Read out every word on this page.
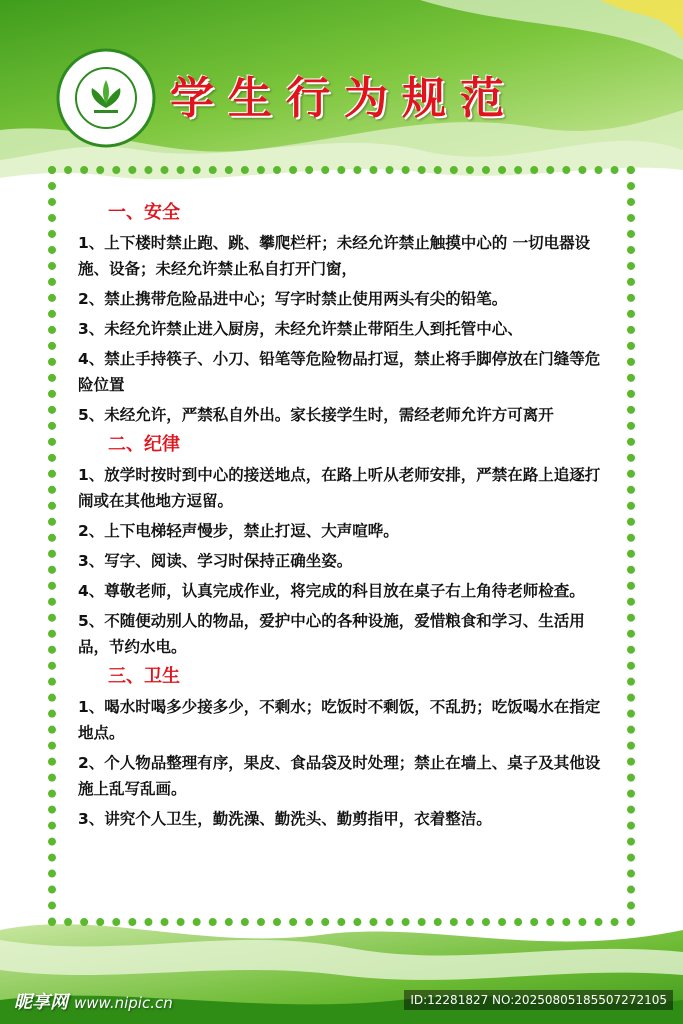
学生行为规范
一、安全
1、上下楼时禁止跑、跳、攀爬栏杆；未经允许禁止触摸中心的 一切电器设施、设备；未经允许禁止私自打开门窗，
2、禁止携带危险品进中心；写字时禁止使用两头有尖的铅笔。
3、未经允许禁止进入厨房，未经允许禁止带陌生人到托管中心、
4、禁止手持筷子、小刀、铅笔等危险物品打逗，禁止将手脚停放在门缝等危险位置
5、未经允许，严禁私自外出。家长接学生时，需经老师允许方可离开
二、纪律
1、放学时按时到中心的接送地点，在路上听从老师安排，严禁在路上追逐打闹或在其他地方逗留。
2、上下电梯轻声慢步，禁止打逗、大声喧哗。
3、写字、阅读、学习时保持正确坐姿。
4、尊敬老师，认真完成作业，将完成的科目放在桌子右上角待老师检查。
5、不随便动别人的物品，爱护中心的各种设施，爱惜粮食和学习、生活用品，节约水电。
三、卫生
1、喝水时喝多少接多少，不剩水；吃饭时不剩饭，不乱扔；吃饭喝水在指定地点。
2、个人物品整理有序，果皮、食品袋及时处理；禁止在墙上、桌子及其他设施上乱写乱画。
3、讲究个人卫生，勤洗澡、勤洗头、勤剪指甲，衣着整洁。
昵享网 www.nipic.cn	ID:12281827 NO:20250805185507272105
